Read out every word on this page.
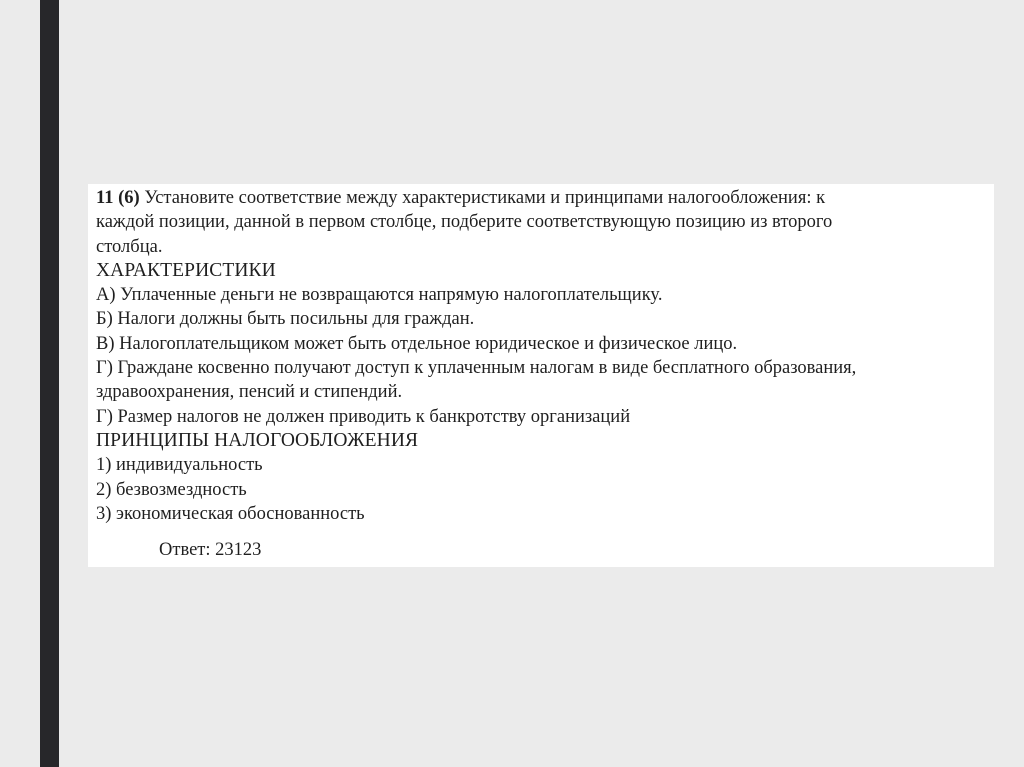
11 (6) Установите соответствие между характеристиками и принципами налогообложения: к
каждой позиции, данной в первом столбце, подберите соответствующую позицию из второго
столбца.
ХАРАКТЕРИСТИКИ
А) Уплаченные деньги не возвращаются напрямую налогоплательщику.
Б) Налоги должны быть посильны для граждан.
В) Налогоплательщиком может быть отдельное юридическое и физическое лицо.
Г) Граждане косвенно получают доступ к уплаченным налогам в виде бесплатного образования,
здравоохранения, пенсий и стипендий.
Г) Размер налогов не должен приводить к банкротству организаций
ПРИНЦИПЫ НАЛОГООБЛОЖЕНИЯ
1) индивидуальность
2) безвозмездность
3) экономическая обоснованность
Ответ: 23123
